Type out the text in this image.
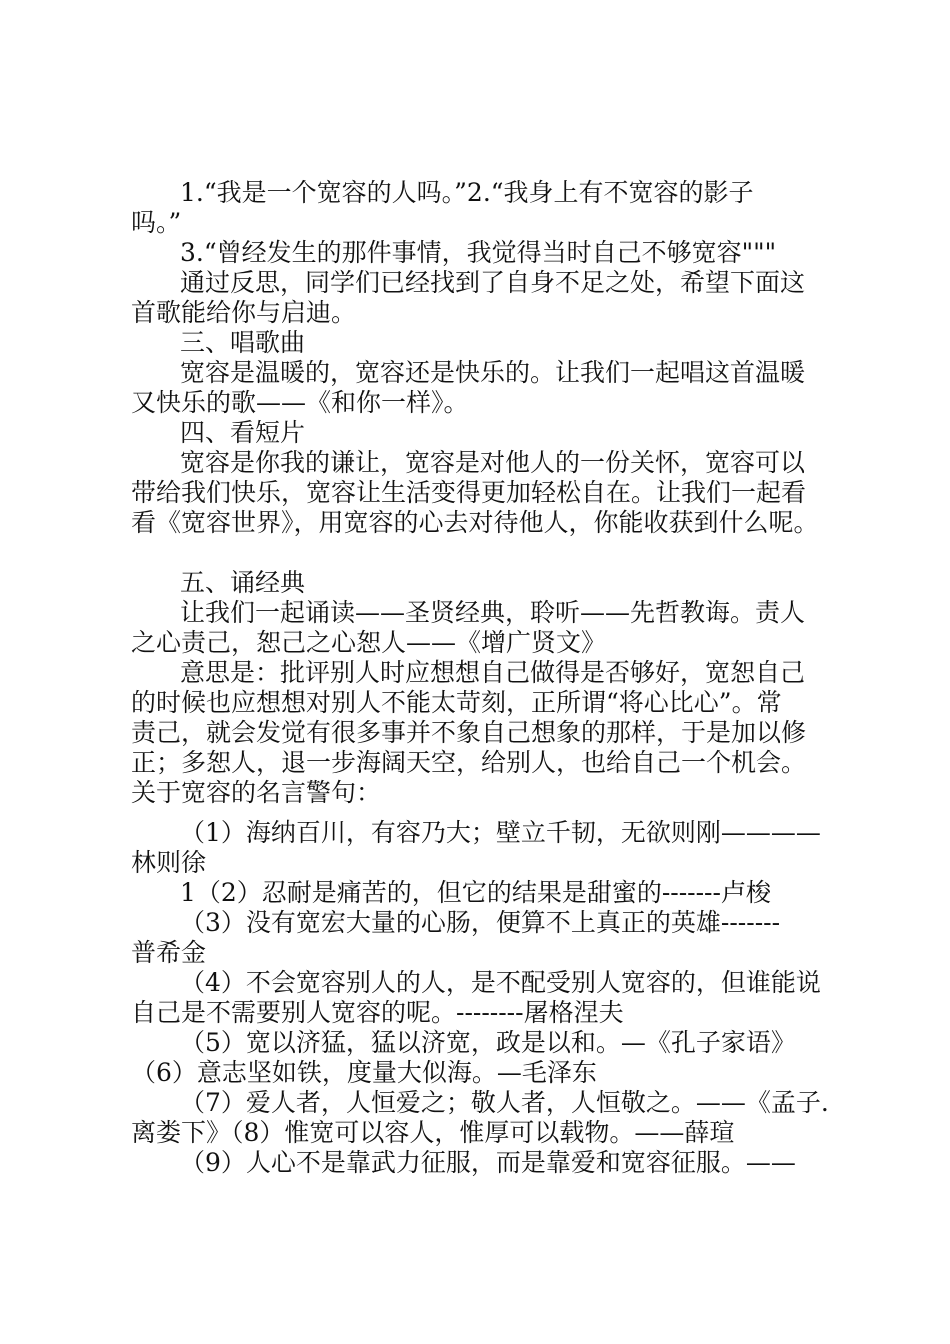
1.“我是一个宽容的人吗。”2.“我身上有不宽容的影子
吗。”
3.“曾经发生的那件事情，我觉得当时自己不够宽容"""
通过反思，同学们已经找到了自身不足之处，希望下面这
首歌能给你与启迪。
三、唱歌曲
宽容是温暖的，宽容还是快乐的。让我们一起唱这首温暖
又快乐的歌——《和你一样》。
四、看短片
宽容是你我的谦让，宽容是对他人的一份关怀，宽容可以
带给我们快乐，宽容让生活变得更加轻松自在。让我们一起看
看《宽容世界》，用宽容的心去对待他人，你能收获到什么呢。
五、诵经典
让我们一起诵读——圣贤经典，聆听——先哲教诲。责人
之心责己，恕己之心恕人——《增广贤文》
意思是：批评别人时应想想自己做得是否够好，宽恕自己
的时候也应想想对别人不能太苛刻，正所谓“将心比心”。常
责己，就会发觉有很多事并不象自己想象的那样，于是加以修
正；多恕人，退一步海阔天空，给别人，也给自己一个机会。
关于宽容的名言警句：
（1）海纳百川，有容乃大；壁立千韧，无欲则刚————
林则徐
1（2）忍耐是痛苦的，但它的结果是甜蜜的-------卢梭
（3）没有宽宏大量的心肠，便算不上真正的英雄-------
普希金
（4）不会宽容别人的人，是不配受别人宽容的，但谁能说
自己是不需要别人宽容的呢。--------屠格涅夫
（5）宽以济猛，猛以济宽，政是以和。—《孔子家语》
（6）意志坚如铁，度量大似海。—毛泽东
（7）爱人者，人恒爱之；敬人者，人恒敬之。——《孟子.
离娄下》（8）惟宽可以容人，惟厚可以载物。——薛瑄
（9）人心不是靠武力征服，而是靠爱和宽容征服。——
